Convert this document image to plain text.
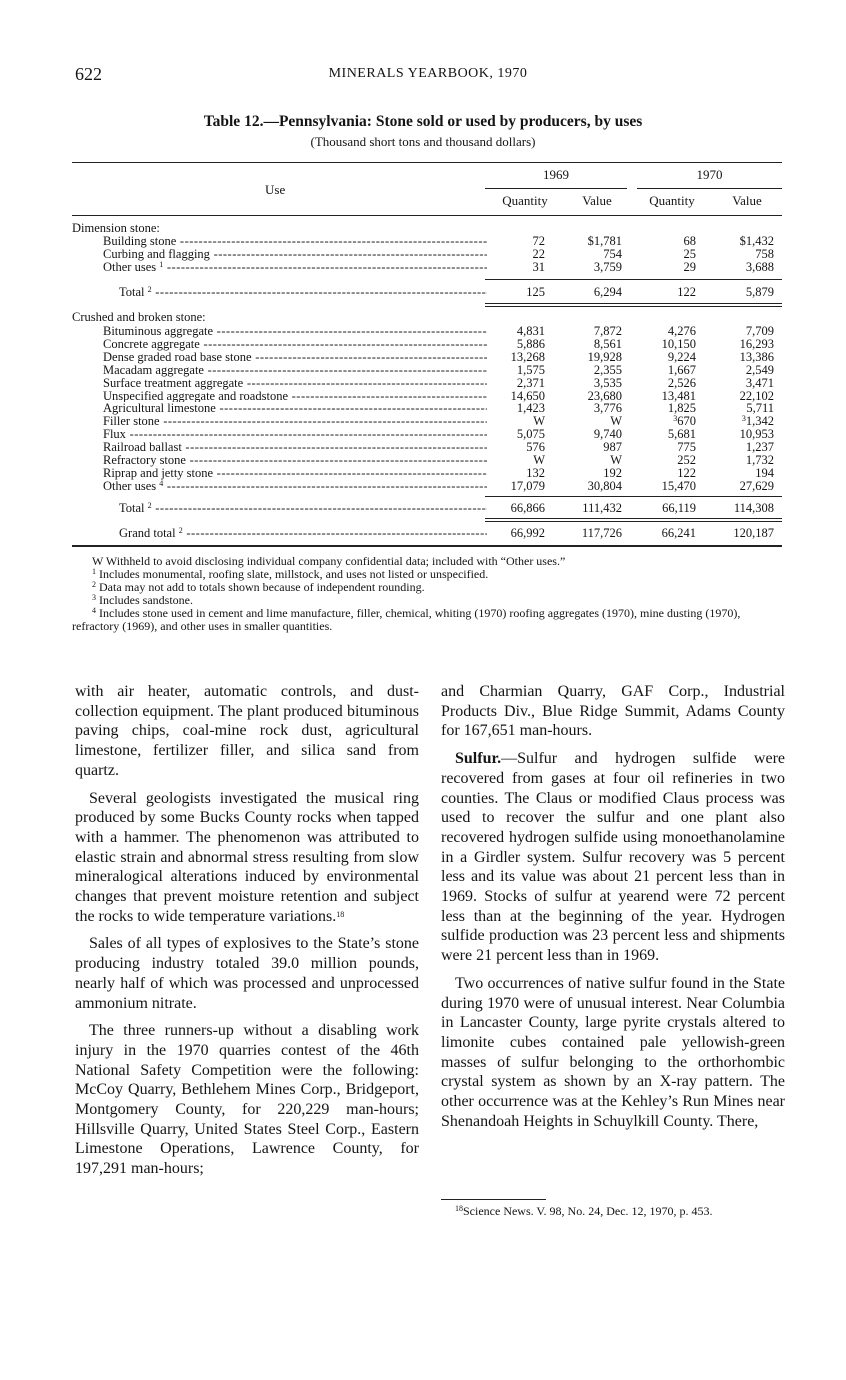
622	MINERALS YEARBOOK, 1970
Table 12.—Pennsylvania: Stone sold or used by producers, by uses
(Thousand short tons and thousand dollars)
Use
1969	1970
Quantity	Value	Quantity	Value
Dimension stone:
Building stone -----	72	$1,781	68	$1,432
Curbing and flagging -----	22	754	25	758
Other uses $^1$ -----	31	3,759	29	3,688
Total $^2$ -----	125	6,294	122	5,879
Crushed and broken stone:
Bituminous aggregate -----	4,831	7,872	4,276	7,709
Concrete aggregate -----	5,886	8,561	10,150	16,293
Dense graded road base stone -----	13,268	19,928	9,224	13,386
Macadam aggregate -----	1,575	2,355	1,667	2,549
Surface treatment aggregate -----	2,371	3,535	2,526	3,471
Unspecified aggregate and roadstone -----	14,650	23,680	13,481	22,102
Agricultural limestone -----	1,423	3,776	1,825	5,711
Filler stone -----	W	W	$^3$670	$^3$1,342
Flux -----	5,075	9,740	5,681	10,953
Railroad ballast -----	576	987	775	1,237
Refractory stone -----	W	W	252	1,732
Riprap and jetty stone -----	132	192	122	194
Other uses $^4$ -----	17,079	30,804	15,470	27,629
Total $^2$ -----	66,866	111,432	66,119	114,308
Grand total $^2$ -----	66,992	117,726	66,241	120,187

W Withheld to avoid disclosing individual company confidential data; included with “Other uses.”

$^1$ Includes monumental, roofing slate, millstock, and uses not listed or unspecified.

$^2$ Data may not add to totals shown because of independent rounding.

$^3$ Includes sandstone.

$^4$ Includes stone used in cement and lime manufacture, filler, chemical, whiting (1970) roofing aggregates (1970), mine dusting (1970), refractory (1969), and other uses in smaller quantities.

with air heater, automatic controls, and dust-collection equipment. The plant produced bituminous paving chips, coal-mine rock dust, agricultural limestone, fertilizer filler, and silica sand from quartz.

Several geologists investigated the musical ring produced by some Bucks County rocks when tapped with a hammer. The phenomenon was attributed to elastic strain and abnormal stress resulting from slow mineralogical alterations induced by environmental changes that prevent moisture retention and subject the rocks to wide temperature variations.$^{18}$

Sales of all types of explosives to the State’s stone producing industry totaled 39.0 million pounds, nearly half of which was processed and unprocessed ammonium nitrate.

The three runners-up without a disabling work injury in the 1970 quarries contest of the 46th National Safety Competition were the following: McCoy Quarry, Bethlehem Mines Corp., Bridgeport, Montgomery County, for 220,229 man-hours; Hillsville Quarry, United States Steel Corp., Eastern Limestone Operations, Lawrence County, for 197,291 man-hours;

and Charmian Quarry, GAF Corp., Industrial Products Div., Blue Ridge Summit, Adams County for 167,651 man-hours.

Sulfur.—Sulfur and hydrogen sulfide were recovered from gases at four oil refineries in two counties. The Claus or modified Claus process was used to recover the sulfur and one plant also recovered hydrogen sulfide using monoethanolamine in a Girdler system. Sulfur recovery was 5 percent less and its value was about 21 percent less than in 1969. Stocks of sulfur at yearend were 72 percent less than at the beginning of the year. Hydrogen sulfide production was 23 percent less and shipments were 21 percent less than in 1969.

Two occurrences of native sulfur found in the State during 1970 were of unusual interest. Near Columbia in Lancaster County, large pyrite crystals altered to limonite cubes contained pale yellowish-green masses of sulfur belonging to the orthorhombic crystal system as shown by an X-ray pattern. The other occurrence was at the Kehley’s Run Mines near Shenandoah Heights in Schuylkill County. There,

$^{18}$Science News. V. 98, No. 24, Dec. 12, 1970, p. 453.
